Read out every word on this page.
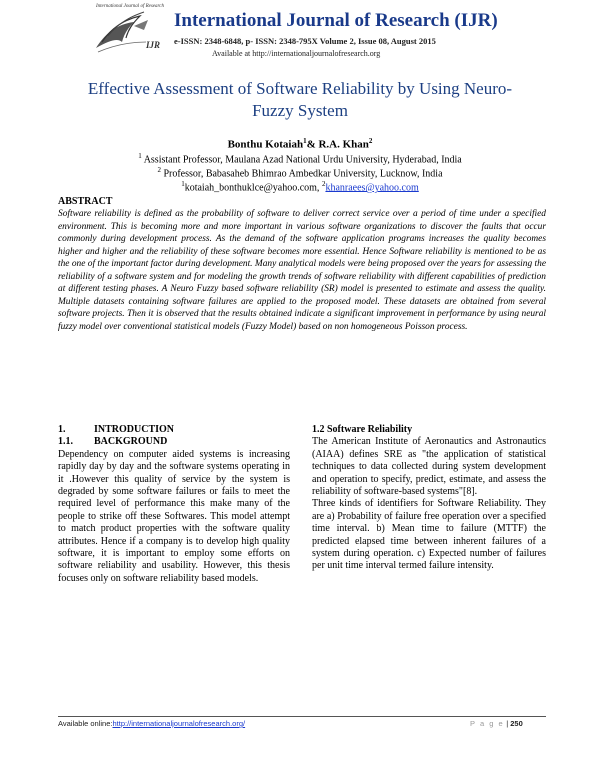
International Journal of Research
IJR
International Journal of Research (IJR)
e-ISSN: 2348-6848, p- ISSN: 2348-795X Volume 2, Issue 08, August 2015
Available at http://internationaljournalofresearch.org
Effective Assessment of Software Reliability by Using Neuro-
Fuzzy System
Bonthu Kotaiah$^1$& R.A. Khan$^2$
$^1$ Assistant Professor, Maulana Azad National Urdu University, Hyderabad, India
$^2$ Professor, Babasaheb Bhimrao Ambedkar University, Lucknow, India
$^1$kotaiah_bonthuklce@yahoo.com, $^2$khanraees@yahoo.com
ABSTRACT
Software reliability is defined as the probability of software to deliver correct service over a period of time under a specified environment. This is becoming more and more important in various software organizations to discover the faults that occur commonly during development process. As the demand of the software application programs increases the quality becomes higher and higher and the reliability of these software becomes more essential. Hence Software reliability is mentioned to be as the one of the important factor during development. Many analytical models were being proposed over the years for assessing the reliability of a software system and for modeling the growth trends of software reliability with different capabilities of prediction at different testing phases. A Neuro Fuzzy based software reliability (SR) model is presented to estimate and assess the quality. Multiple datasets containing software failures are applied to the proposed model. These datasets are obtained from several software projects. Then it is observed that the results obtained indicate a significant improvement in performance by using neural fuzzy model over conventional statistical models (Fuzzy Model) based on non homogeneous Poisson process.
1.	INTRODUCTION
1.1. BACKGROUND

Dependency on computer aided systems is increasing rapidly day by day and the software systems operating in it .However this quality of service by the system is degraded by some software failures or fails to meet the required level of performance this make many of the people to strike off these Softwares. This model attempt to match product properties with the software quality attributes. Hence if a company is to develop high quality software, it is important to employ some efforts on software reliability and usability. However, this thesis focuses only on software reliability based models.

1.2 Software Reliability

The American Institute of Aeronautics and Astronautics (AIAA) defines SRE as "the application of statistical techniques to data collected during system development and operation to specify, predict, estimate, and assess the reliability of software-based systems"[8].

Three kinds of identifiers for Software Reliability. They are a) Probability of failure free operation over a specified time interval. b) Mean time to failure (MTTF) the predicted elapsed time between inherent failures of a system during operation. c) Expected number of failures per unit time interval termed failure intensity.

Available online:http://internationaljournalofresearch.org/	P a g e | 250
